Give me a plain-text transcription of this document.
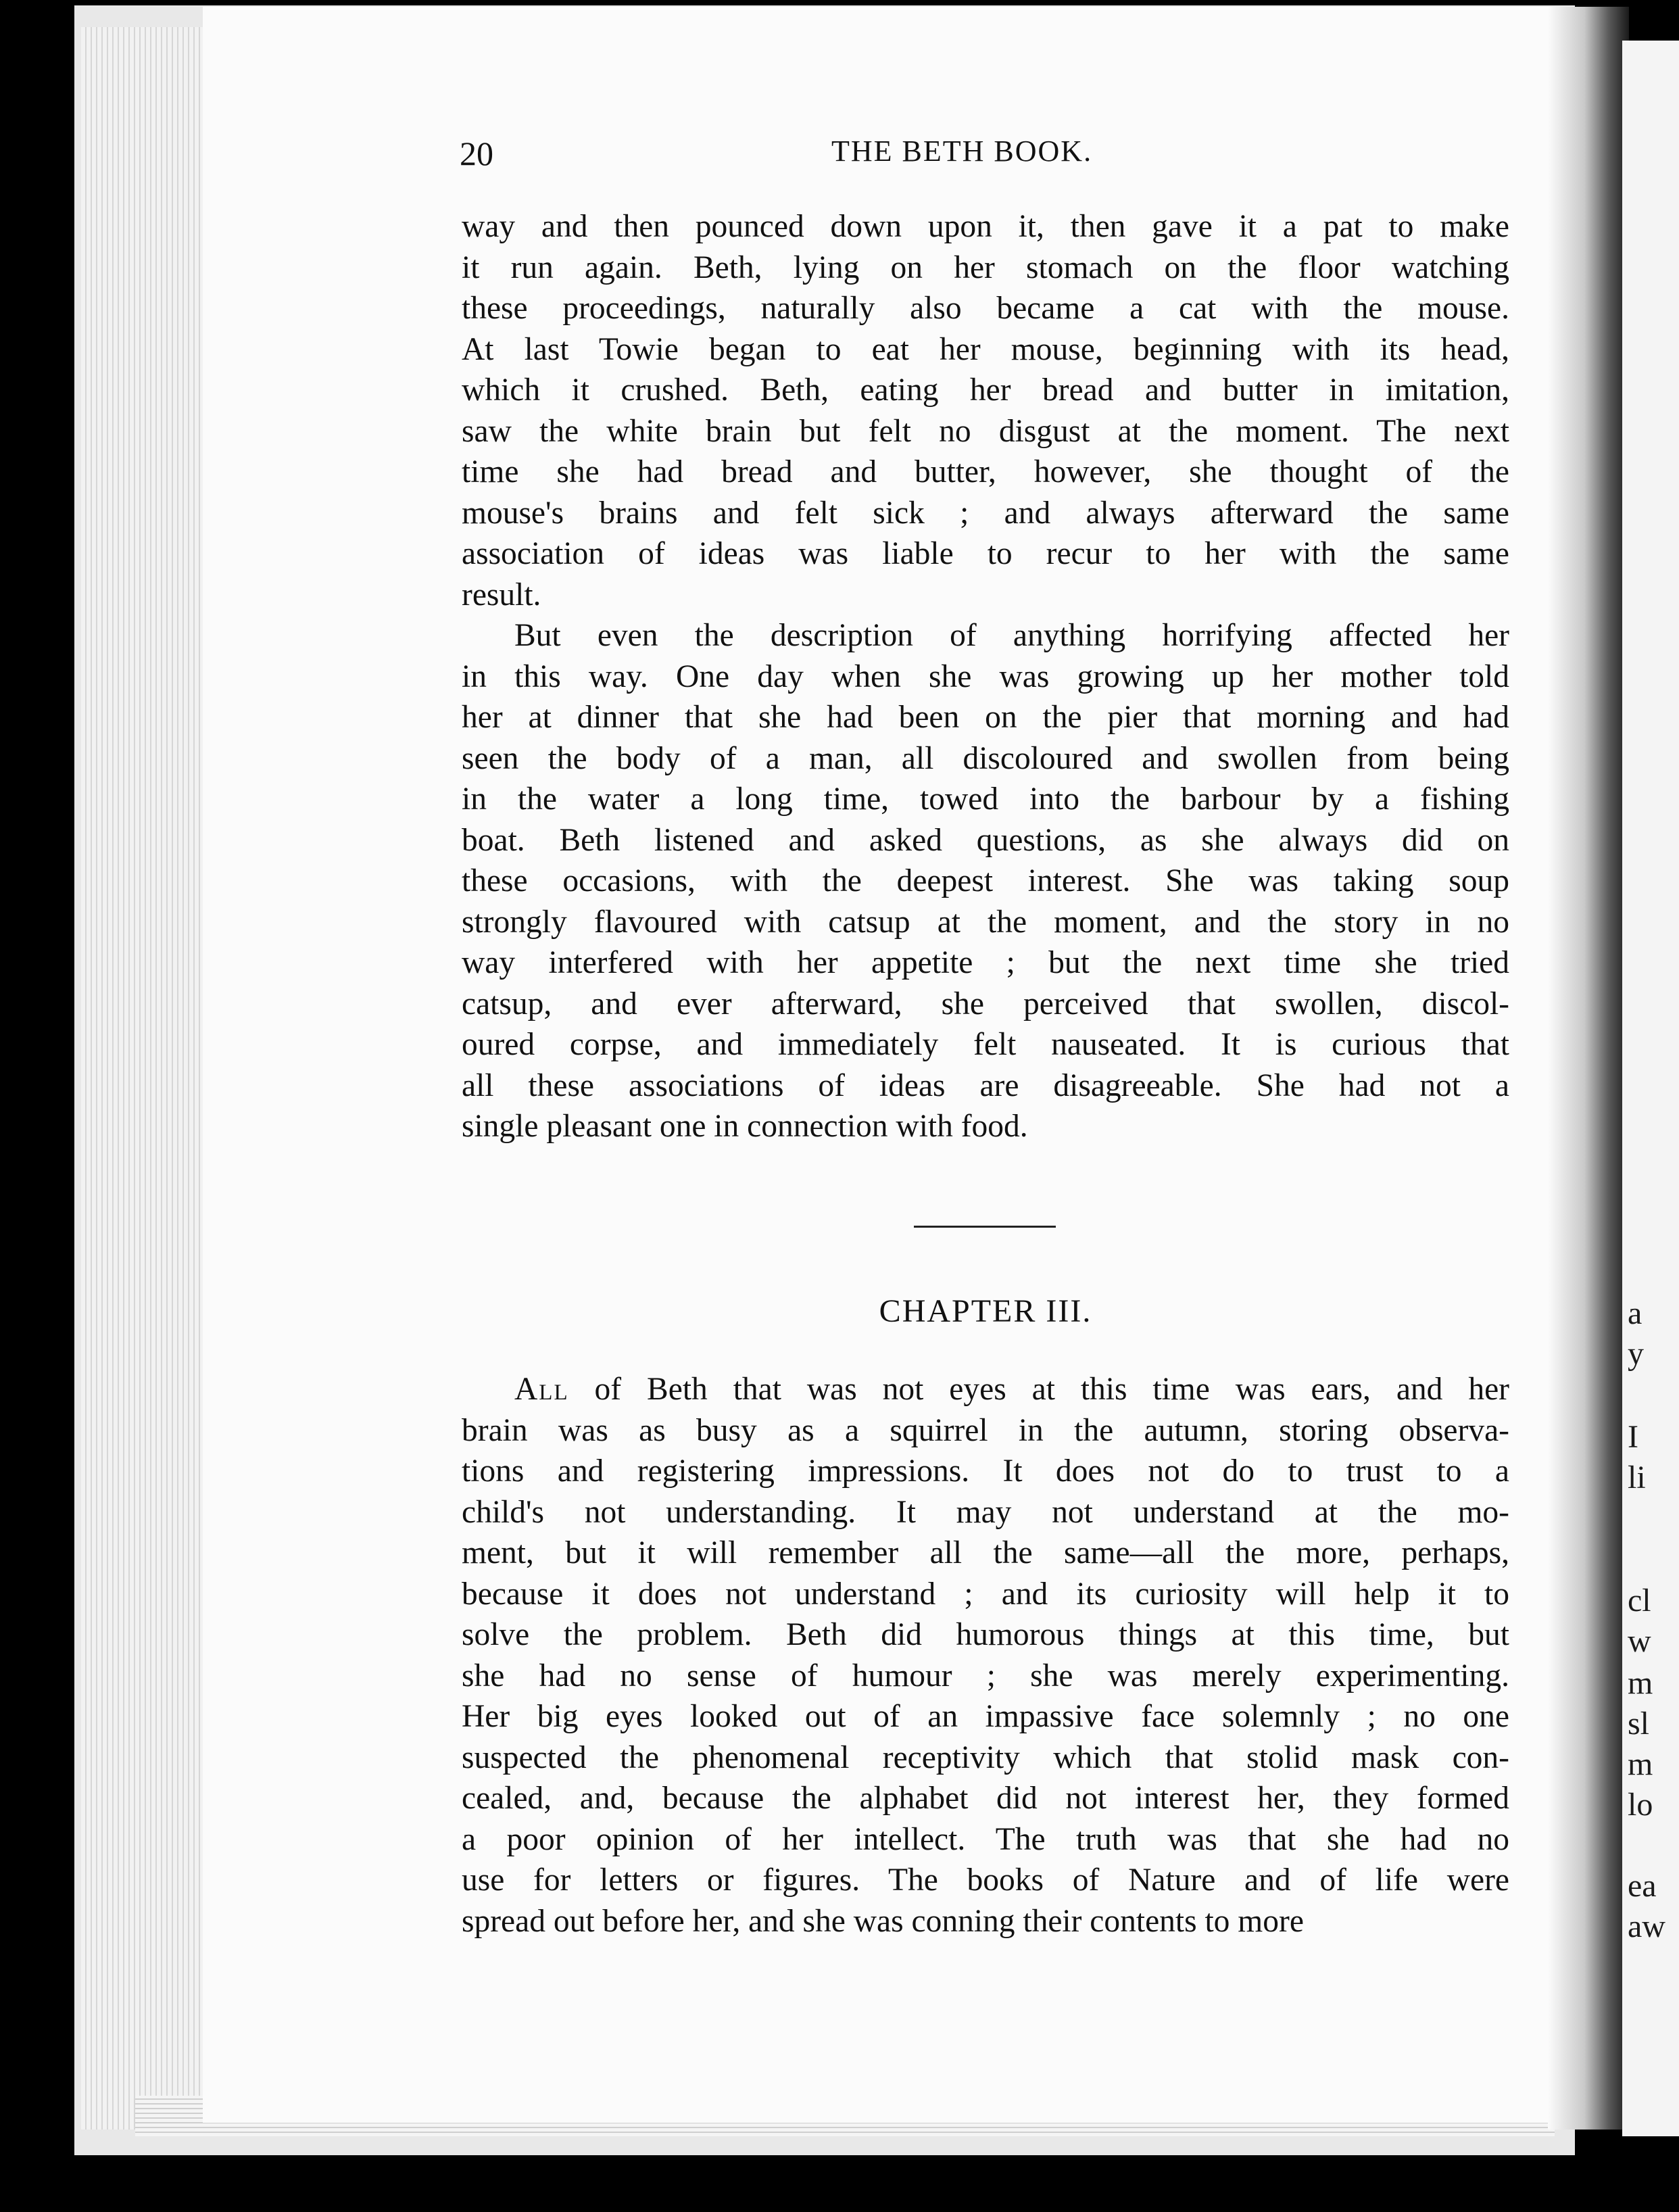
a
y
I
li
cl
w
m
sl
m
lo
ea
aw
20	THE BETH BOOK.
way and then pounced down upon it, then gave it a pat to make
it run again. Beth, lying on her stomach on the floor watching
these proceedings, naturally also became a cat with the mouse.
At last Towie began to eat her mouse, beginning with its head,
which it crushed. Beth, eating her bread and butter in imitation,
saw the white brain but felt no disgust at the moment. The next
time she had bread and butter, however, she thought of the
mouse's brains and felt sick ; and always afterward the same
association of ideas was liable to recur to her with the same
result.
But even the description of anything horrifying affected her
in this way. One day when she was growing up her mother told
her at dinner that she had been on the pier that morning and had
seen the body of a man, all discoloured and swollen from being
in the water a long time, towed into the barbour by a fishing
boat. Beth listened and asked questions, as she always did on
these occasions, with the deepest interest. She was taking soup
strongly flavoured with catsup at the moment, and the story in no
way interfered with her appetite ; but the next time she tried
catsup, and ever afterward, she perceived that swollen, discol-
oured corpse, and immediately felt nauseated. It is curious that
all these associations of ideas are disagreeable. She had not a
single pleasant one in connection with food.
CHAPTER III.
All of Beth that was not eyes at this time was ears, and her
brain was as busy as a squirrel in the autumn, storing observa-
tions and registering impressions. It does not do to trust to a
child's not understanding. It may not understand at the mo-
ment, but it will remember all the same—all the more, perhaps,
because it does not understand ; and its curiosity will help it to
solve the problem. Beth did humorous things at this time, but
she had no sense of humour ; she was merely experimenting.
Her big eyes looked out of an impassive face solemnly ; no one
suspected the phenomenal receptivity which that stolid mask con-
cealed, and, because the alphabet did not interest her, they formed
a poor opinion of her intellect. The truth was that she had no
use for letters or figures. The books of Nature and of life were
spread out before her, and she was conning their contents to more
